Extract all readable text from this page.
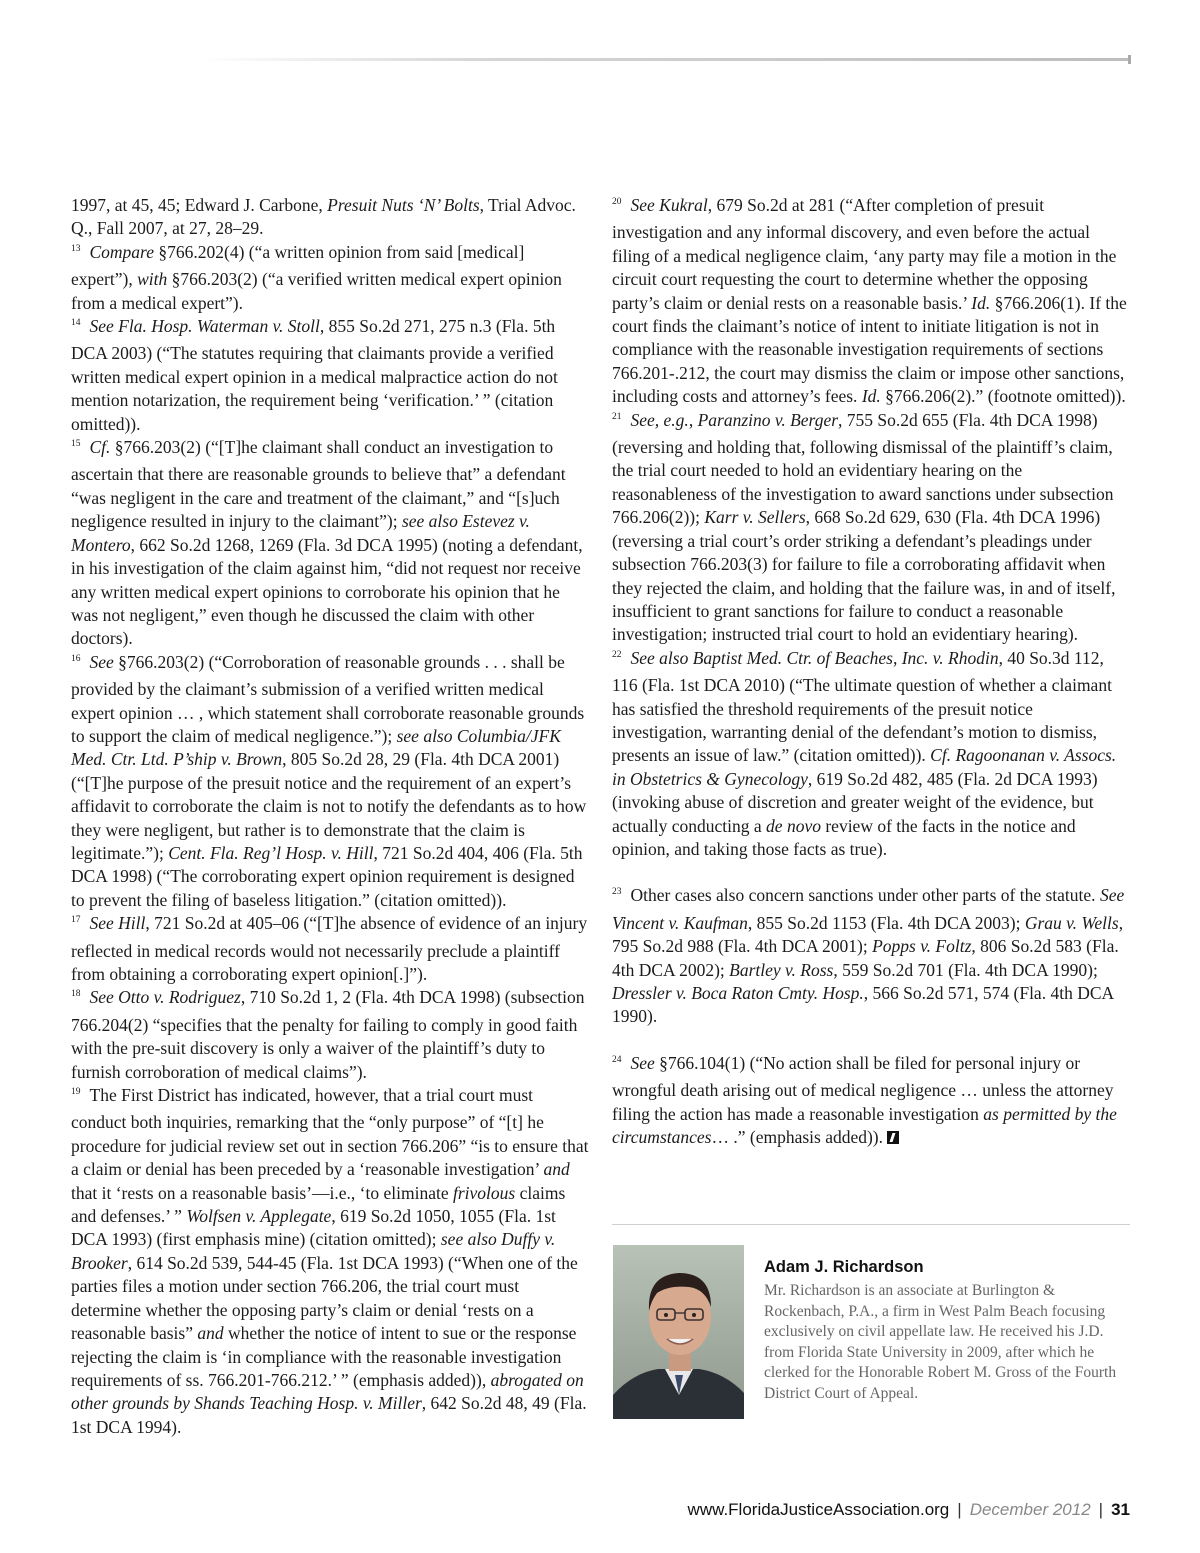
1997, at 45, 45; Edward J. Carbone, Presuit Nuts ‘N’ Bolts, Trial Advoc. Q., Fall 2007, at 27, 28–29.

$^{13}$ Compare §766.202(4) (“a written opinion from said [medical] expert”), with §766.203(2) (“a verified written medical expert opinion from a medical expert”).

$^{14}$ See Fla. Hosp. Waterman v. Stoll, 855 So.2d 271, 275 n.3 (Fla. 5th DCA 2003) (“The statutes requiring that claimants provide a verified written medical expert opinion in a medical malpractice action do not mention notarization, the requirement being ‘verification.’ ” (citation omitted)).

$^{15}$ Cf. §766.203(2) (“[T]he claimant shall conduct an investigation to ascertain that there are reasonable grounds to believe that” a defendant “was negligent in the care and treatment of the claimant,” and “[s]uch negligence resulted in injury to the claimant”); see also Estevez v. Montero, 662 So.2d 1268, 1269 (Fla. 3d DCA 1995) (noting a defendant, in his investigation of the claim against him, “did not request nor receive any written medical expert opinions to corroborate his opinion that he was not negligent,” even though he discussed the claim with other doctors).

$^{16}$ See §766.203(2) (“Corroboration of reasonable grounds . . . shall be provided by the claimant’s submission of a verified written medical expert opinion … , which statement shall corroborate reasonable grounds to support the claim of medical negligence.”); see also Columbia/JFK Med. Ctr. Ltd. P’ship v. Brown, 805 So.2d 28, 29 (Fla. 4th DCA 2001) (“[T]he purpose of the presuit notice and the requirement of an expert’s affidavit to corroborate the claim is not to notify the defendants as to how they were negligent, but rather is to demonstrate that the claim is legitimate.”); Cent. Fla. Reg’l Hosp. v. Hill, 721 So.2d 404, 406 (Fla. 5th DCA 1998) (“The corroborating expert opinion requirement is designed to prevent the filing of baseless litigation.” (citation omitted)).

$^{17}$ See Hill, 721 So.2d at 405–06 (“[T]he absence of evidence of an injury reflected in medical records would not necessarily preclude a plaintiff from obtaining a corroborating expert opinion[.]”).

$^{18}$ See Otto v. Rodriguez, 710 So.2d 1, 2 (Fla. 4th DCA 1998) (subsection 766.204(2) “specifies that the penalty for failing to comply in good faith with the pre-suit discovery is only a waiver of the plaintiff’s duty to furnish corroboration of medical claims”).

$^{19}$ The First District has indicated, however, that a trial court must conduct both inquiries, remarking that the “only purpose” of “[t] he procedure for judicial review set out in section 766.206” “is to ensure that a claim or denial has been preceded by a ‘reasonable investigation’ and that it ‘rests on a reasonable basis’—i.e., ‘to eliminate frivolous claims and defenses.’ ” Wolfsen v. Applegate, 619 So.2d 1050, 1055 (Fla. 1st DCA 1993) (first emphasis mine) (citation omitted); see also Duffy v. Brooker, 614 So.2d 539, 544-45 (Fla. 1st DCA 1993) (“When one of the parties files a motion under section 766.206, the trial court must determine whether the opposing party’s claim or denial ‘rests on a reasonable basis” and whether the notice of intent to sue or the response rejecting the claim is ‘in compliance with the reasonable investigation requirements of ss. 766.201-766.212.’ ” (emphasis added)), abrogated on other grounds by Shands Teaching Hosp. v. Miller, 642 So.2d 48, 49 (Fla. 1st DCA 1994).

$^{20}$ See Kukral, 679 So.2d at 281 (“After completion of presuit investigation and any informal discovery, and even before the actual filing of a medical negligence claim, ‘any party may file a motion in the circuit court requesting the court to determine whether the opposing party’s claim or denial rests on a reasonable basis.’ Id. §766.206(1). If the court finds the claimant’s notice of intent to initiate litigation is not in compliance with the reasonable investigation requirements of sections 766.201-.212, the court may dismiss the claim or impose other sanctions, including costs and attorney’s fees. Id. §766.206(2).” (footnote omitted)).

$^{21}$ See, e.g., Paranzino v. Berger, 755 So.2d 655 (Fla. 4th DCA 1998) (reversing and holding that, following dismissal of the plaintiff’s claim, the trial court needed to hold an evidentiary hearing on the reasonableness of the investigation to award sanctions under subsection 766.206(2)); Karr v. Sellers, 668 So.2d 629, 630 (Fla. 4th DCA 1996) (reversing a trial court’s order striking a defendant’s pleadings under subsection 766.203(3) for failure to file a corroborating affidavit when they rejected the claim, and holding that the failure was, in and of itself, insufficient to grant sanctions for failure to conduct a reasonable investigation; instructed trial court to hold an evidentiary hearing).

$^{22}$ See also Baptist Med. Ctr. of Beaches, Inc. v. Rhodin, 40 So.3d 112, 116 (Fla. 1st DCA 2010) (“The ultimate question of whether a claimant has satisfied the threshold requirements of the presuit notice investigation, warranting denial of the defendant’s motion to dismiss, presents an issue of law.” (citation omitted)). Cf. Ragoonanan v. Assocs. in Obstetrics & Gynecology, 619 So.2d 482, 485 (Fla. 2d DCA 1993) (invoking abuse of discretion and greater weight of the evidence, but actually conducting a de novo review of the facts in the notice and opinion, and taking those facts as true).

$^{23}$ Other cases also concern sanctions under other parts of the statute. See Vincent v. Kaufman, 855 So.2d 1153 (Fla. 4th DCA 2003); Grau v. Wells, 795 So.2d 988 (Fla. 4th DCA 2001); Popps v. Foltz, 806 So.2d 583 (Fla. 4th DCA 2002); Bartley v. Ross, 559 So.2d 701 (Fla. 4th DCA 1990); Dressler v. Boca Raton Cmty. Hosp., 566 So.2d 571, 574 (Fla. 4th DCA 1990).

$^{24}$ See §766.104(1) (“No action shall be filed for personal injury or wrongful death arising out of medical negligence … unless the attorney filing the action has made a reasonable investigation as permitted by the circumstances… .” (emphasis added)).

Adam J. Richardson

Mr. Richardson is an associate at Burlington & Rockenbach, P.A., a firm in West Palm Beach focusing exclusively on civil appellate law. He received his J.D. from Florida State University in 2009, after which he clerked for the Honorable Robert M. Gross of the Fourth District Court of Appeal.

www.FloridaJusticeAssociation.org | December 2012 | 31
